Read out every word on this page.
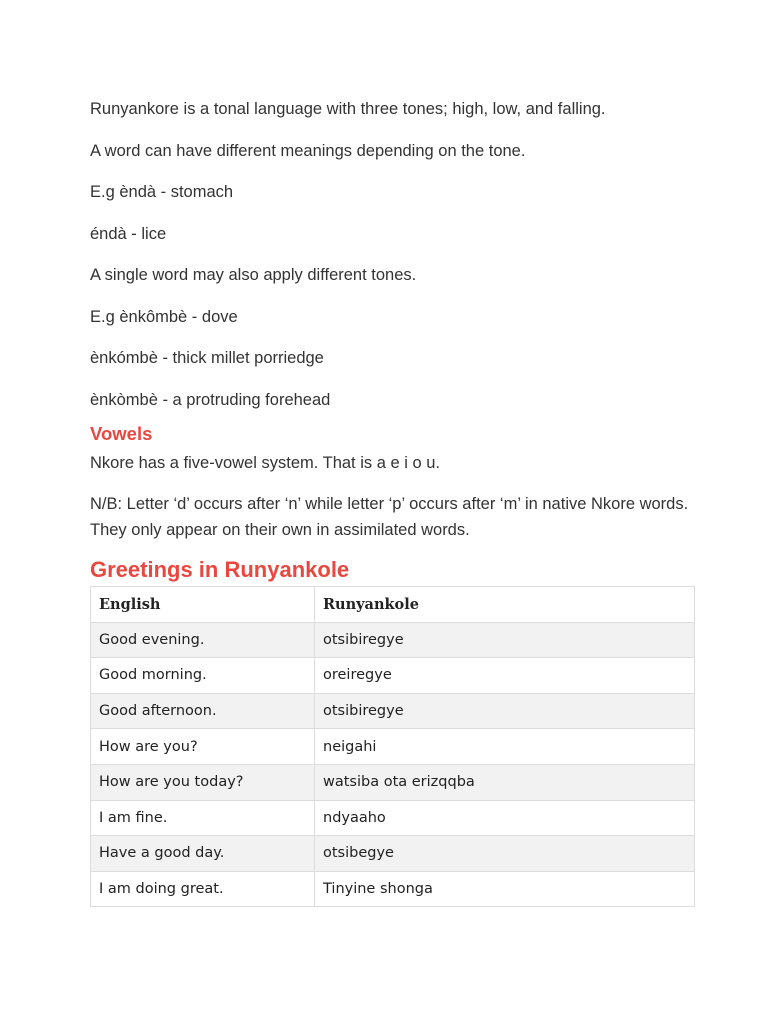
Runyankore is a tonal language with three tones; high, low, and falling.

A word can have different meanings depending on the tone.

E.g èndà - stomach

éndà - lice

A single word may also apply different tones.

E.g ènkômbè - dove

ènkómbè - thick millet porriedge

ènkòmbè - a protruding forehead

Vowels

Nkore has a five-vowel system. That is a e i o u.

N/B: Letter ‘d’ occurs after ‘n’ while letter ‘p’ occurs after ‘m’ in native Nkore words. They only appear on their own in assimilated words.

Greetings in Runyankole
English	Runyankole
Good evening.	otsibiregye
Good morning.	oreiregye
Good afternoon.	otsibiregye
How are you?	neigahi
How are you today?	watsiba ota erizqqba
I am fine.	ndyaaho
Have a good day.	otsibegye
I am doing great.	Tinyine shonga
